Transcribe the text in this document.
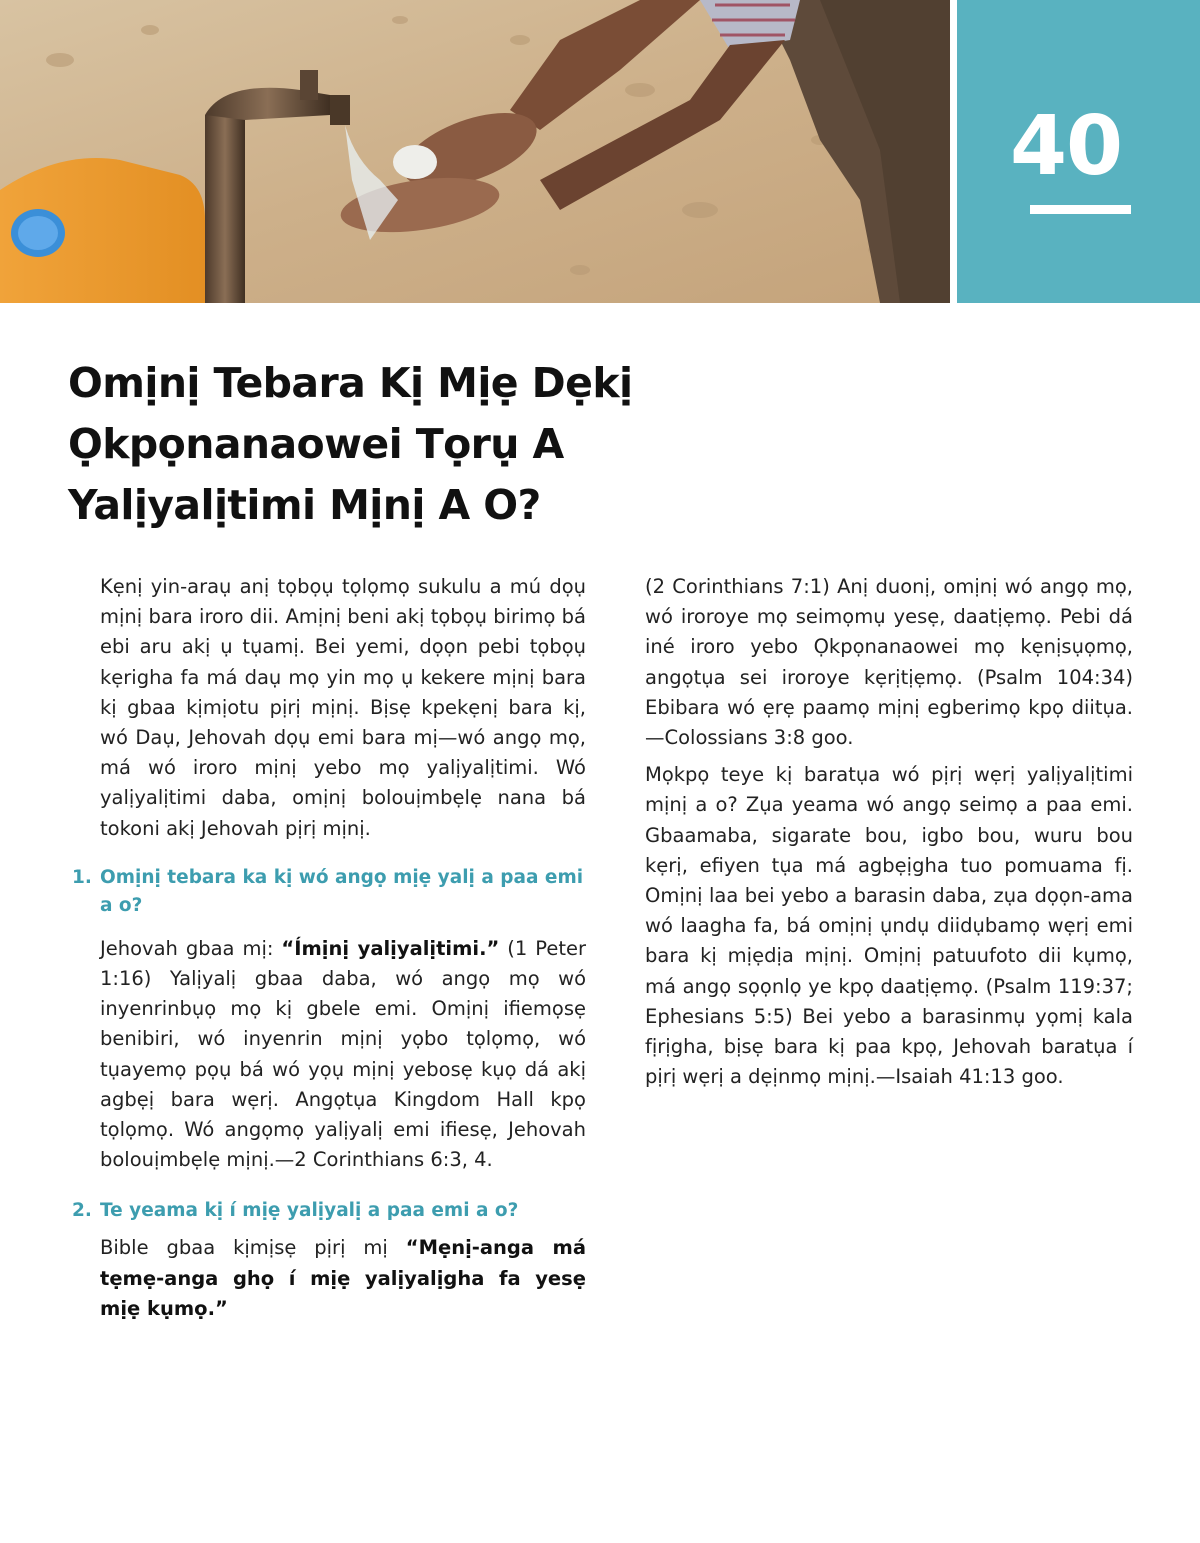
40
Omịnị Tebara Kị Mịẹ Dẹkị Ọkpọnanaowei Tọrụ A Yalịyalịtimi Mịnị A O?

Kẹnị yin-araụ anị tọbọụ tọlọmọ sukulu a mú dọụ mịnị bara iroro dii. Amịnị beni akị tọbọụ birimọ bá ebi aru akị ụ tụamị. Bei yemi, dọọn pebi tọbọụ kẹrigha fa má daụ mọ yin mọ ụ kekere mịnị bara kị gbaa kịmịotu pịrị mịnị. Bịsẹ kpekẹnị bara kị, wó Daụ, Jehovah dọụ emi bara mị—wó angọ mọ, má wó iroro mịnị yebo mọ yalịyalịtimi. Wó yalịyalịtimi daba, omịnị bolouịmbẹlẹ nana bá tokoni akị Jehovah pịrị mịnị.

1. Omịnị tebara ka kị wó angọ mịẹ yalị a paa emi a o?

Jehovah gbaa mị: “Ímịnị yalịyalịtimi.” (1 Peter 1:16) Yalịyalị gbaa daba, wó angọ mọ wó inyenrinbụọ mọ kị gbele emi. Omịnị ifiemọsẹ benibiri, wó inyenrin mịnị yọbo tọlọmọ, wó tụayemọ pọụ bá wó yọụ mịnị yebosẹ kụọ dá akị agbẹị bara wẹrị. Angọtụa Kingdom Hall kpọ tọlọmọ. Wó angọmọ yalịyalị emi ifiesẹ, Jehovah bolouịmbẹlẹ mịnị.—2 Corinthians 6:3, 4.

2. Te yeama kị í mịẹ yalịyalị a paa emi a o?

Bible gbaa kịmịsẹ pịrị mị “Mẹnị-anga má tẹmẹ-anga ghọ í mịẹ yalịyalịgha fa yesẹ mịẹ kụmọ.”

(2 Corinthians 7:1) Anị duonị, omịnị wó angọ mọ, wó iroroye mọ seimọmụ yesẹ, daatịẹmọ. Pebi dá iné iroro yebo Ọkpọnanaowei mọ kẹnịsụọmọ, angọtụa sei iroroye kẹrịtịẹmọ. (Psalm 104:34) Ebibara wó ẹrẹ paamọ mịnị egberimọ kpọ diitụa.—Colossians 3:8 goo.

Mọkpọ teye kị baratụa wó pịrị wẹrị yalịyalịtimi mịnị a o? Zụa yeama wó angọ seimọ a paa emi. Gbaamaba, sigarate bou, igbo bou, wuru bou kẹrị, efiyen tụa má agbẹịgha tuo pomuama fị. Omịnị laa bei yebo a barasin daba, zụa dọọn-ama wó laagha fa, bá omịnị ụndụ diidụbamọ wẹrị emi bara kị mịẹdịa mịnị. Omịnị patuufoto dii kụmọ, má angọ sọọnlọ ye kpọ daatịẹmọ. (Psalm 119:37; Ephesians 5:5) Bei yebo a barasinmụ yọmị kala fịrịgha, bịsẹ bara kị paa kpọ, Jehovah baratụa í pịrị wẹrị a dẹịnmọ mịnị.—Isaiah 41:13 goo.
